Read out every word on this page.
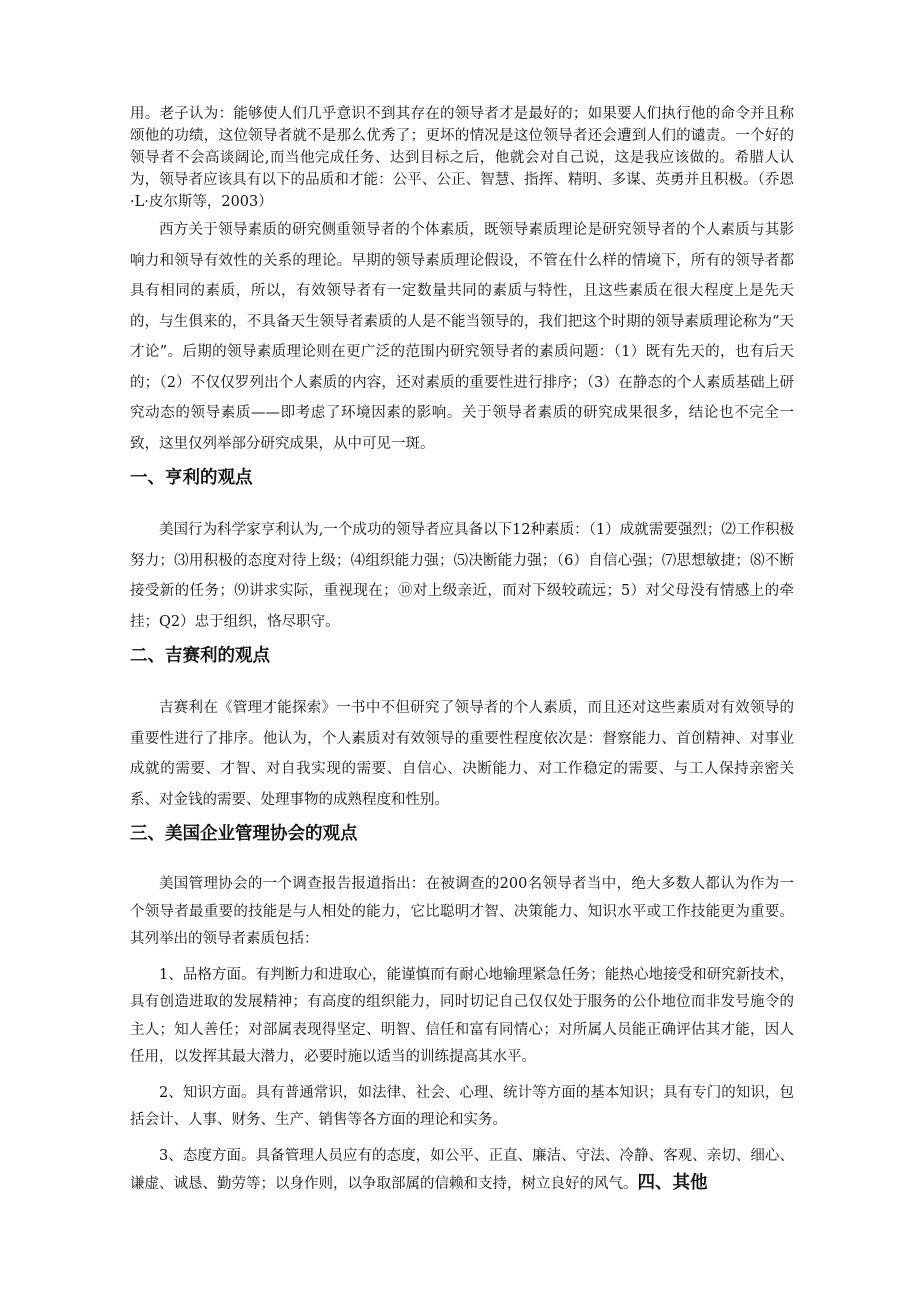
用。老子认为：能够使人们几乎意识不到其存在的领导者才是最好的；如果要人们执行他的命令并且称颂他的功绩，这位领导者就不是那么优秀了；更坏的情况是这位领导者还会遭到人们的谴责。一个好的领导者不会高谈阔论,而当他完成任务、达到目标之后，他就会对自己说，这是我应该做的。希腊人认为，领导者应该具有以下的品质和才能：公平、公正、智慧、指挥、精明、多谋、英勇并且积极。（乔恩·L·皮尔斯等，2003）

西方关于领导素质的研究侧重领导者的个体素质，既领导素质理论是研究领导者的个人素质与其影响力和领导有效性的关系的理论。早期的领导素质理论假设，不管在什么样的情境下，所有的领导者都具有相同的素质，所以，有效领导者有一定数量共同的素质与特性，且这些素质在很大程度上是先天的，与生俱来的，不具备天生领导者素质的人是不能当领导的，我们把这个时期的领导素质理论称为“天才论”。后期的领导素质理论则在更广泛的范围内研究领导者的素质问题：（1）既有先天的，也有后天的；（2）不仅仅罗列出个人素质的内容，还对素质的重要性进行排序；（3）在静态的个人素质基础上研究动态的领导素质——即考虑了环境因素的影响。关于领导者素质的研究成果很多，结论也不完全一致，这里仅列举部分研究成果，从中可见一斑。

一、亨利的观点

美国行为科学家亨利认为,一个成功的领导者应具备以下12种素质：（1）成就需要强烈；⑵工作积极努力；⑶用积极的态度对待上级；⑷组织能力强；⑸决断能力强；（6）自信心强；⑺思想敏捷；⑻不断接受新的任务；⑼讲求实际，重视现在；⑩对上级亲近，而对下级较疏远；5）对父母没有情感上的牵挂；Q2）忠于组织，恪尽职守。

二、吉赛利的观点

吉赛利在《管理才能探索》一书中不但研究了领导者的个人素质，而且还对这些素质对有效领导的重要性进行了排序。他认为，个人素质对有效领导的重要性程度依次是：督察能力、首创精神、对事业成就的需要、才智、对自我实现的需要、自信心、决断能力、对工作稳定的需要、与工人保持亲密关系、对金钱的需要、处理事物的成熟程度和性别。

三、美国企业管理协会的观点

美国管理协会的一个调查报告报道指出：在被调查的200名领导者当中，绝大多数人都认为作为一个领导者最重要的技能是与人相处的能力，它比聪明才智、决策能力、知识水平或工作技能更为重要。其列举出的领导者素质包括：

1、品格方面。有判断力和进取心，能谨慎而有耐心地输理紧急任务；能热心地接受和研究新技术，具有创造进取的发展精神；有高度的组织能力，同时切记自己仅仅处于服务的公仆地位而非发号施令的主人；知人善任；对部属表现得坚定、明智、信任和富有同情心；对所属人员能正确评估其才能，因人任用，以发挥其最大潜力，必要时施以适当的训练提高其水平。

2、知识方面。具有普通常识，如法律、社会、心理、统计等方面的基本知识；具有专门的知识，包括会计、人事、财务、生产、销售等各方面的理论和实务。

3、态度方面。具备管理人员应有的态度，如公平、正直、廉洁、守法、冷静、客观、亲切、细心、谦虚、诚恳、勤劳等；以身作则，以争取部属的信赖和支持，树立良好的风气。四、其他
